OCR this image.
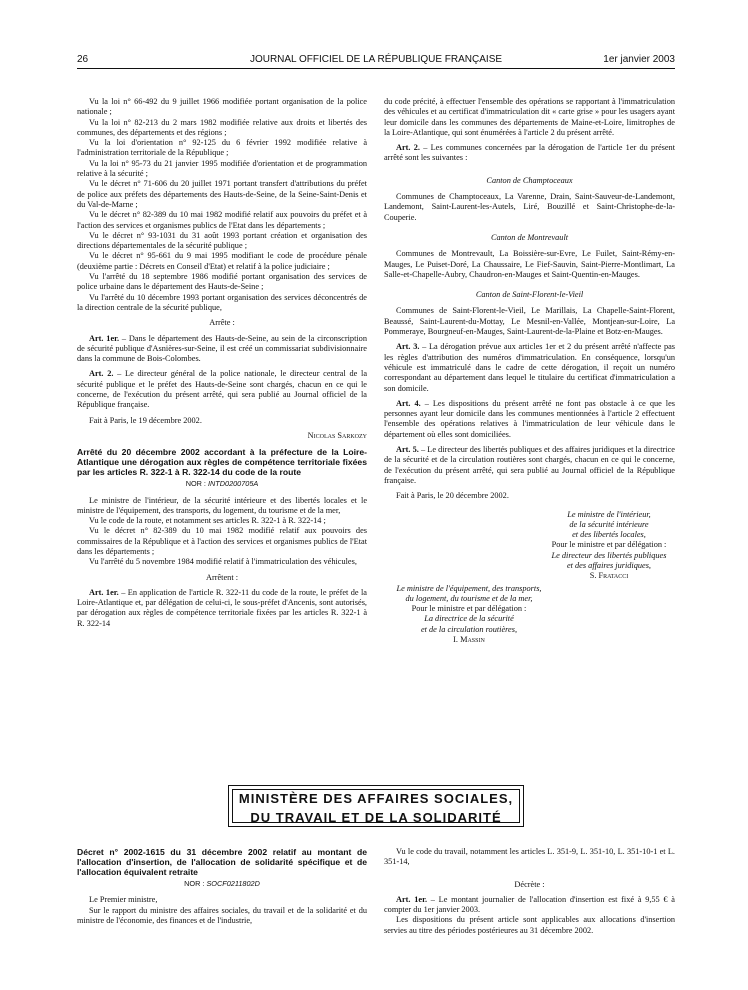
26	JOURNAL OFFICIEL DE LA RÉPUBLIQUE FRANÇAISE	1er janvier 2003

Vu la loi n° 66-492 du 9 juillet 1966 modifiée portant organisation de la police nationale ;

Vu la loi n° 82-213 du 2 mars 1982 modifiée relative aux droits et libertés des communes, des départements et des régions ;

Vu la loi d'orientation n° 92-125 du 6 février 1992 modifiée relative à l'administration territoriale de la République ;

Vu la loi n° 95-73 du 21 janvier 1995 modifiée d'orientation et de programmation relative à la sécurité ;

Vu le décret n° 71-606 du 20 juillet 1971 portant transfert d'attributions du préfet de police aux préfets des départements des Hauts-de-Seine, de la Seine-Saint-Denis et du Val-de-Marne ;

Vu le décret n° 82-389 du 10 mai 1982 modifié relatif aux pouvoirs du préfet et à l'action des services et organismes publics de l'Etat dans les départements ;

Vu le décret n° 93-1031 du 31 août 1993 portant création et organisation des directions départementales de la sécurité publique ;

Vu le décret n° 95-661 du 9 mai 1995 modifiant le code de procédure pénale (deuxième partie : Décrets en Conseil d'Etat) et relatif à la police judiciaire ;

Vu l'arrêté du 18 septembre 1986 modifié portant organisation des services de police urbaine dans le département des Hauts-de-Seine ;

Vu l'arrêté du 10 décembre 1993 portant organisation des services déconcentrés de la direction centrale de la sécurité publique,

Arrête :

Art. 1er. – Dans le département des Hauts-de-Seine, au sein de la circonscription de sécurité publique d'Asnières-sur-Seine, il est créé un commissariat subdivisionnaire dans la commune de Bois-Colombes.

Art. 2. – Le directeur général de la police nationale, le directeur central de la sécurité publique et le préfet des Hauts-de-Seine sont chargés, chacun en ce qui le concerne, de l'exécution du présent arrêté, qui sera publié au Journal officiel de la République française.

Fait à Paris, le 19 décembre 2002.

Nicolas Sarkozy

Arrêté du 20 décembre 2002 accordant à la préfecture de la Loire-Atlantique une dérogation aux règles de compétence territoriale fixées par les articles R. 322-1 à R. 322-14 du code de la route

NOR : INTD0200705A

Le ministre de l'intérieur, de la sécurité intérieure et des libertés locales et le ministre de l'équipement, des transports, du logement, du tourisme et de la mer,

Vu le code de la route, et notamment ses articles R. 322-1 à R. 322-14 ;

Vu le décret n° 82-389 du 10 mai 1982 modifié relatif aux pouvoirs des commissaires de la République et à l'action des services et organismes publics de l'Etat dans les départements ;

Vu l'arrêté du 5 novembre 1984 modifié relatif à l'immatriculation des véhicules,

Arrêtent :

Art. 1er. – En application de l'article R. 322-11 du code de la route, le préfet de la Loire-Atlantique et, par délégation de celui-ci, le sous-préfet d'Ancenis, sont autorisés, par dérogation aux règles de compétence territoriale fixées par les articles R. 322-1 à R. 322-14

du code précité, à effectuer l'ensemble des opérations se rapportant à l'immatriculation des véhicules et au certificat d'immatriculation dit « carte grise » pour les usagers ayant leur domicile dans les communes des départements de Maine-et-Loire, limitrophes de la Loire-Atlantique, qui sont énumérées à l'article 2 du présent arrêté.

Art. 2. – Les communes concernées par la dérogation de l'article 1er du présent arrêté sont les suivantes :

Canton de Champtoceaux

Communes de Champtoceaux, La Varenne, Drain, Saint-Sauveur-de-Landemont, Landemont, Saint-Laurent-les-Autels, Liré, Bouzillé et Saint-Christophe-de-la-Couperie.

Canton de Montrevault

Communes de Montrevault, La Boissière-sur-Evre, Le Fuilet, Saint-Rémy-en-Mauges, Le Puiset-Doré, La Chaussaire, Le Fief-Sauvin, Saint-Pierre-Montlimart, La Salle-et-Chapelle-Aubry, Chaudron-en-Mauges et Saint-Quentin-en-Mauges.

Canton de Saint-Florent-le-Vieil

Communes de Saint-Florent-le-Vieil, Le Marillais, La Chapelle-Saint-Florent, Beaussé, Saint-Laurent-du-Mottay, Le Mesnil-en-Vallée, Montjean-sur-Loire, La Pommeraye, Bourgneuf-en-Mauges, Saint-Laurent-de-la-Plaine et Botz-en-Mauges.

Art. 3. – La dérogation prévue aux articles 1er et 2 du présent arrêté n'affecte pas les règles d'attribution des numéros d'immatriculation. En conséquence, lorsqu'un véhicule est immatriculé dans le cadre de cette dérogation, il reçoit un numéro correspondant au département dans lequel le titulaire du certificat d'immatriculation a son domicile.

Art. 4. – Les dispositions du présent arrêté ne font pas obstacle à ce que les personnes ayant leur domicile dans les communes mentionnées à l'article 2 effectuent l'ensemble des opérations relatives à l'immatriculation de leur véhicule dans le département où elles sont domiciliées.

Art. 5. – Le directeur des libertés publiques et des affaires juridiques et la directrice de la sécurité et de la circulation routières sont chargés, chacun en ce qui le concerne, de l'exécution du présent arrêté, qui sera publié au Journal officiel de la République française.

Fait à Paris, le 20 décembre 2002.

Le ministre de l'intérieur,

de la sécurité intérieure

et des libertés locales,

Pour le ministre et par délégation :

Le directeur des libertés publiques

et des affaires juridiques,

S. Fratacci

Le ministre de l'équipement, des transports,

du logement, du tourisme et de la mer,

Pour le ministre et par délégation :

La directrice de la sécurité

et de la circulation routières,

I. Massin

MINISTÈRE DES AFFAIRES SOCIALES,
DU TRAVAIL ET DE LA SOLIDARITÉ
Décret n° 2002-1615 du 31 décembre 2002 relatif au montant de l'allocation d'insertion, de l'allocation de solidarité spécifique et de l'allocation équivalent retraite

NOR : SOCF0211802D

Le Premier ministre,

Sur le rapport du ministre des affaires sociales, du travail et de la solidarité et du ministre de l'économie, des finances et de l'industrie,

Vu le code du travail, notamment les articles L. 351-9, L. 351-10, L. 351-10-1 et L. 351-14,

Décrète :

Art. 1er. – Le montant journalier de l'allocation d'insertion est fixé à 9,55 € à compter du 1er janvier 2003.

Les dispositions du présent article sont applicables aux allocations d'insertion servies au titre des périodes postérieures au 31 décembre 2002.
